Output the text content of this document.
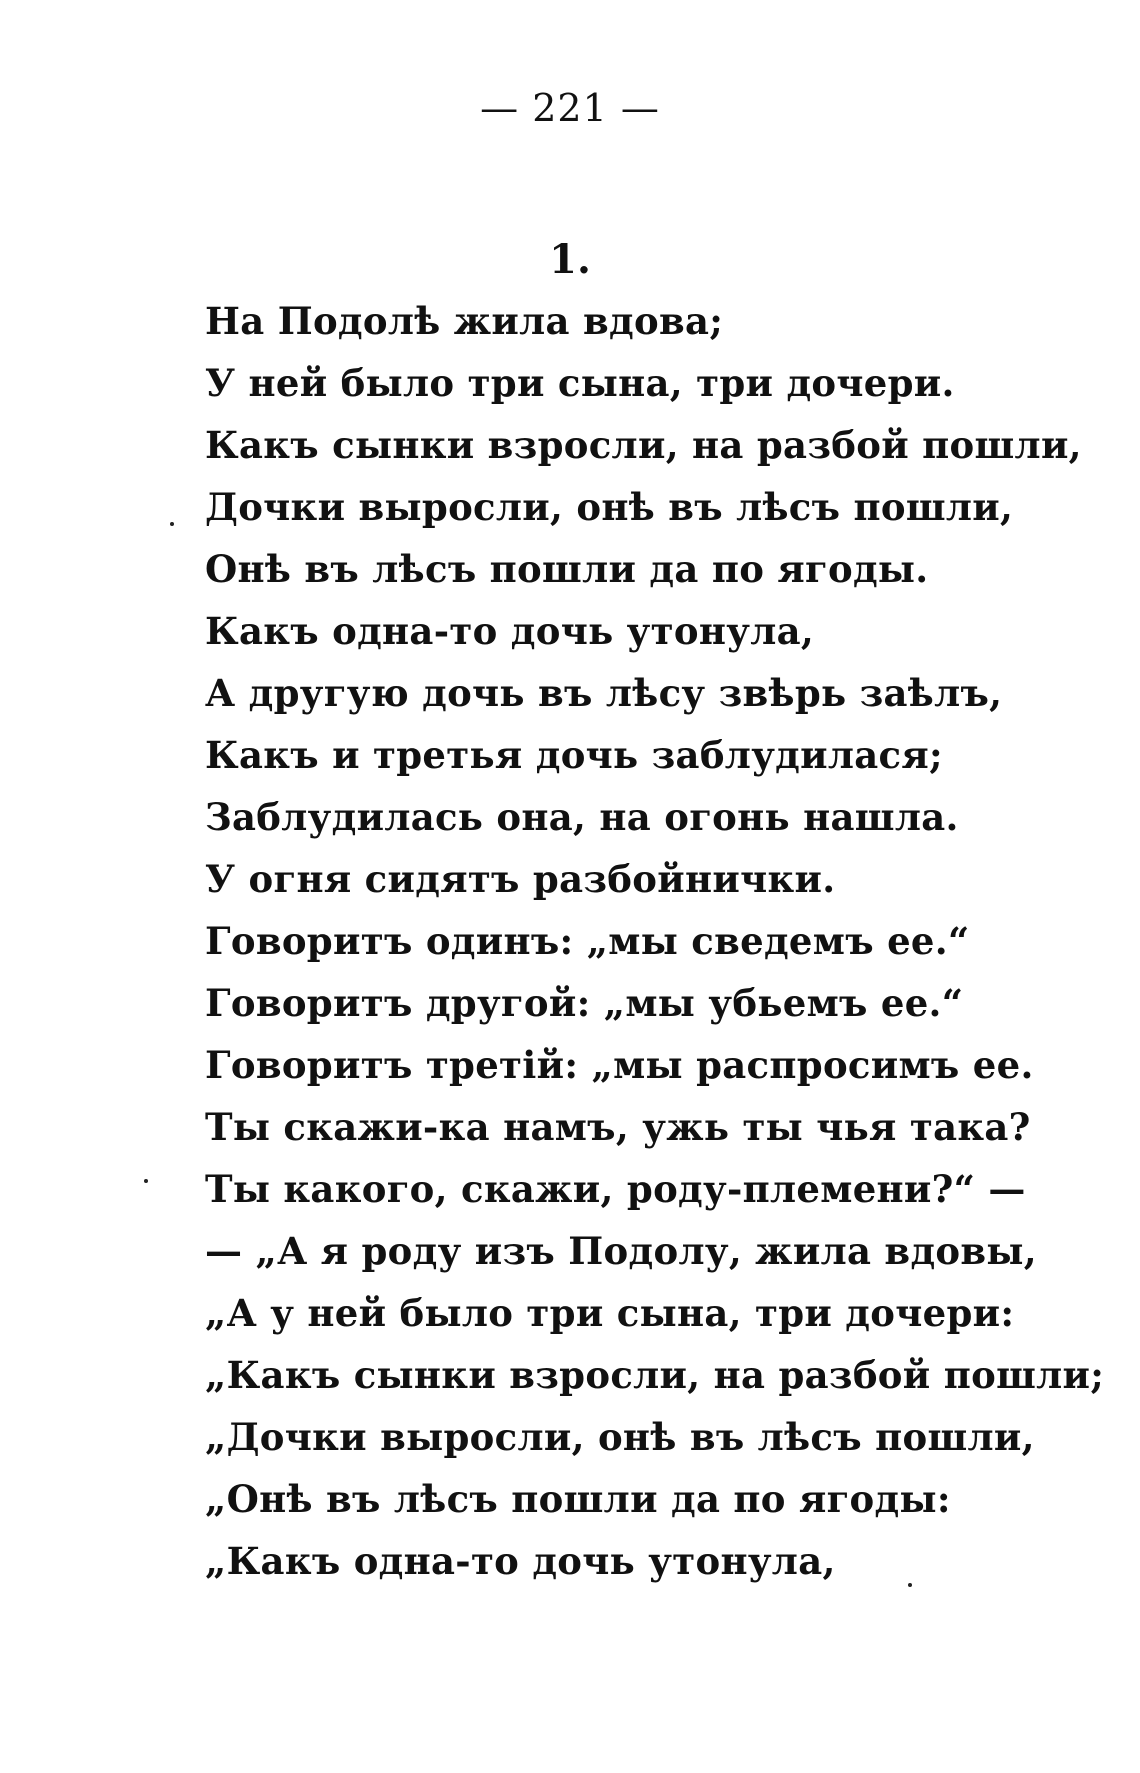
— 221 —
1.
На Подолѣ жила вдова;
У ней было три сына, три дочери.
Какъ сынки взросли, на разбой пошли,
Дочки выросли, онѣ въ лѣсъ пошли,
Онѣ въ лѣсъ пошли да по ягоды.
Какъ одна-то дочь утонула,
А другую дочь въ лѣсу звѣрь заѣлъ,
Какъ и третья дочь заблудилася;
Заблудилась она, на огонь нашла.
У огня сидятъ разбойнички.
Говоритъ одинъ: „мы сведемъ ее.“
Говоритъ другой: „мы убьемъ ее.“
Говоритъ третій: „мы распросимъ ее.
Ты скажи-ка намъ, ужь ты чья така?
Ты какого, скажи, роду-племени?“ —
— „А я роду изъ Подолу, жила вдовы,
„А у ней было три сына, три дочери:
„Какъ сынки взросли, на разбой пошли;
„Дочки выросли, онѣ въ лѣсъ пошли,
„Онѣ въ лѣсъ пошли да по ягоды:
„Какъ одна-то дочь утонула,
